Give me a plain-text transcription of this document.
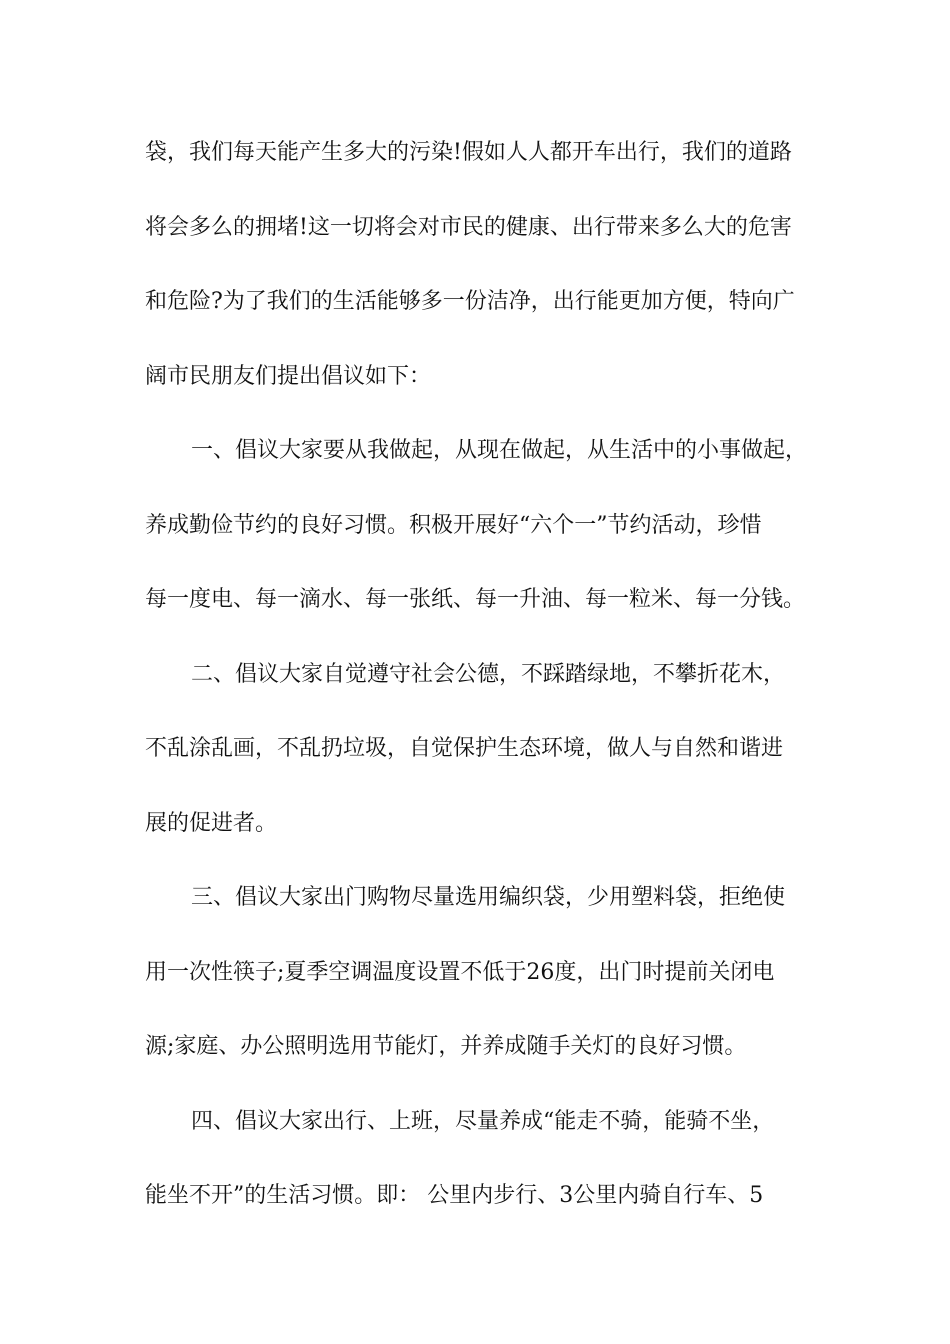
袋，我们每天能产生多大的污染!假如人人都开车出行，我们的道路
将会多么的拥堵!这一切将会对市民的健康、出行带来多么大的危害
和危险?为了我们的生活能够多一份洁净，出行能更加方便，特向广
阔市民朋友们提出倡议如下：
一、倡议大家要从我做起，从现在做起，从生活中的小事做起，
养成勤俭节约的良好习惯。积极开展好“六个一”节约活动，珍惜
每一度电、每一滴水、每一张纸、每一升油、每一粒米、每一分钱。
二、倡议大家自觉遵守社会公德，不踩踏绿地，不攀折花木，
不乱涂乱画，不乱扔垃圾，自觉保护生态环境，做人与自然和谐进
展的促进者。
三、倡议大家出门购物尽量选用编织袋，少用塑料袋，拒绝使
用一次性筷子;夏季空调温度设置不低于26度，出门时提前关闭电
源;家庭、办公照明选用节能灯，并养成随手关灯的良好习惯。
四、倡议大家出行、上班，尽量养成“能走不骑，能骑不坐，
能坐不开”的生活习惯。即： 公里内步行、3公里内骑自行车、5
